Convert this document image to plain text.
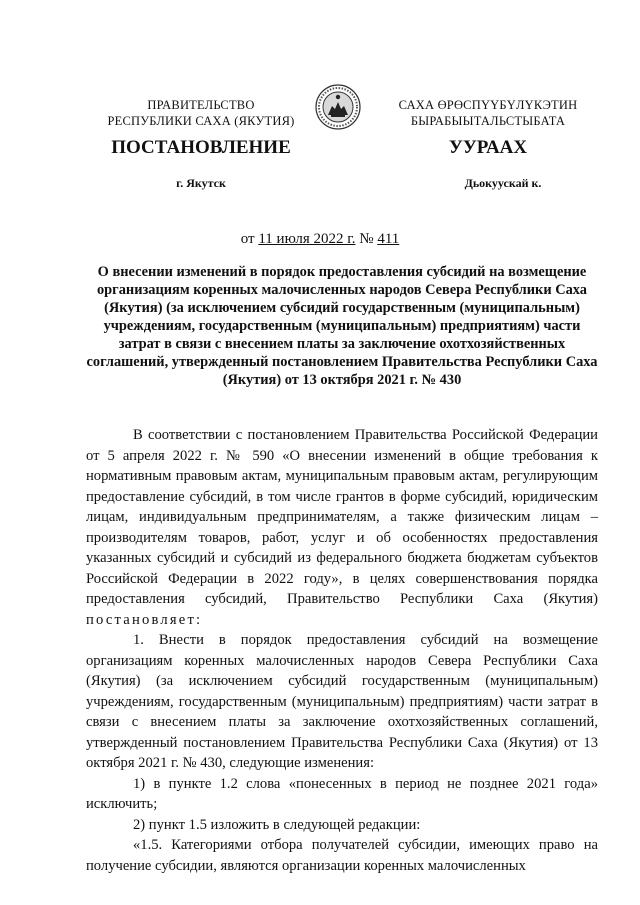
ПРАВИТЕЛЬСТВО
РЕСПУБЛИКИ САХА (ЯКУТИЯ)
САХА ӨРӨСПҮҮБҮЛҮКЭТИН
БЫРАБЫЫТАЛЬСТЫБАТА
ПОСТАНОВЛЕНИЕ	УУРААХ
г. Якутск	Дьокуускай к.
от 11 июля 2022 г. № 411
О внесении изменений в порядок предоставления субсидий на возмещение организациям коренных малочисленных народов Севера Республики Саха (Якутия) (за исключением субсидий государственным (муниципальным) учреждениям, государственным (муниципальным) предприятиям) части затрат в связи с внесением платы за заключение охотхозяйственных соглашений, утвержденный постановлением Правительства Республики Саха (Якутия) от 13 октября 2021 г. № 430

В соответствии с постановлением Правительства Российской Федерации от 5 апреля 2022 г. № 590 «О внесении изменений в общие требования к нормативным правовым актам, муниципальным правовым актам, регулирующим предоставление субсидий, в том числе грантов в форме субсидий, юридическим лицам, индивидуальным предпринимателям, а также физическим лицам – производителям товаров, работ, услуг и об особенностях предоставления указанных субсидий и субсидий из федерального бюджета бюджетам субъектов Российской Федерации в 2022 году», в целях совершенствования порядка предоставления субсидий, Правительство Республики Саха (Якутия) постановляет:

1. Внести в порядок предоставления субсидий на возмещение организациям коренных малочисленных народов Севера Республики Саха (Якутия) (за исключением субсидий государственным (муниципальным) учреждениям, государственным (муниципальным) предприятиям) части затрат в связи с внесением платы за заключение охотхозяйственных соглашений, утвержденный постановлением Правительства Республики Саха (Якутия) от 13 октября 2021 г. № 430, следующие изменения:

1) в пункте 1.2 слова «понесенных в период не позднее 2021 года» исключить;

2) пункт 1.5 изложить в следующей редакции:

«1.5. Категориями отбора получателей субсидии, имеющих право на получение субсидии, являются организации коренных малочисленных
